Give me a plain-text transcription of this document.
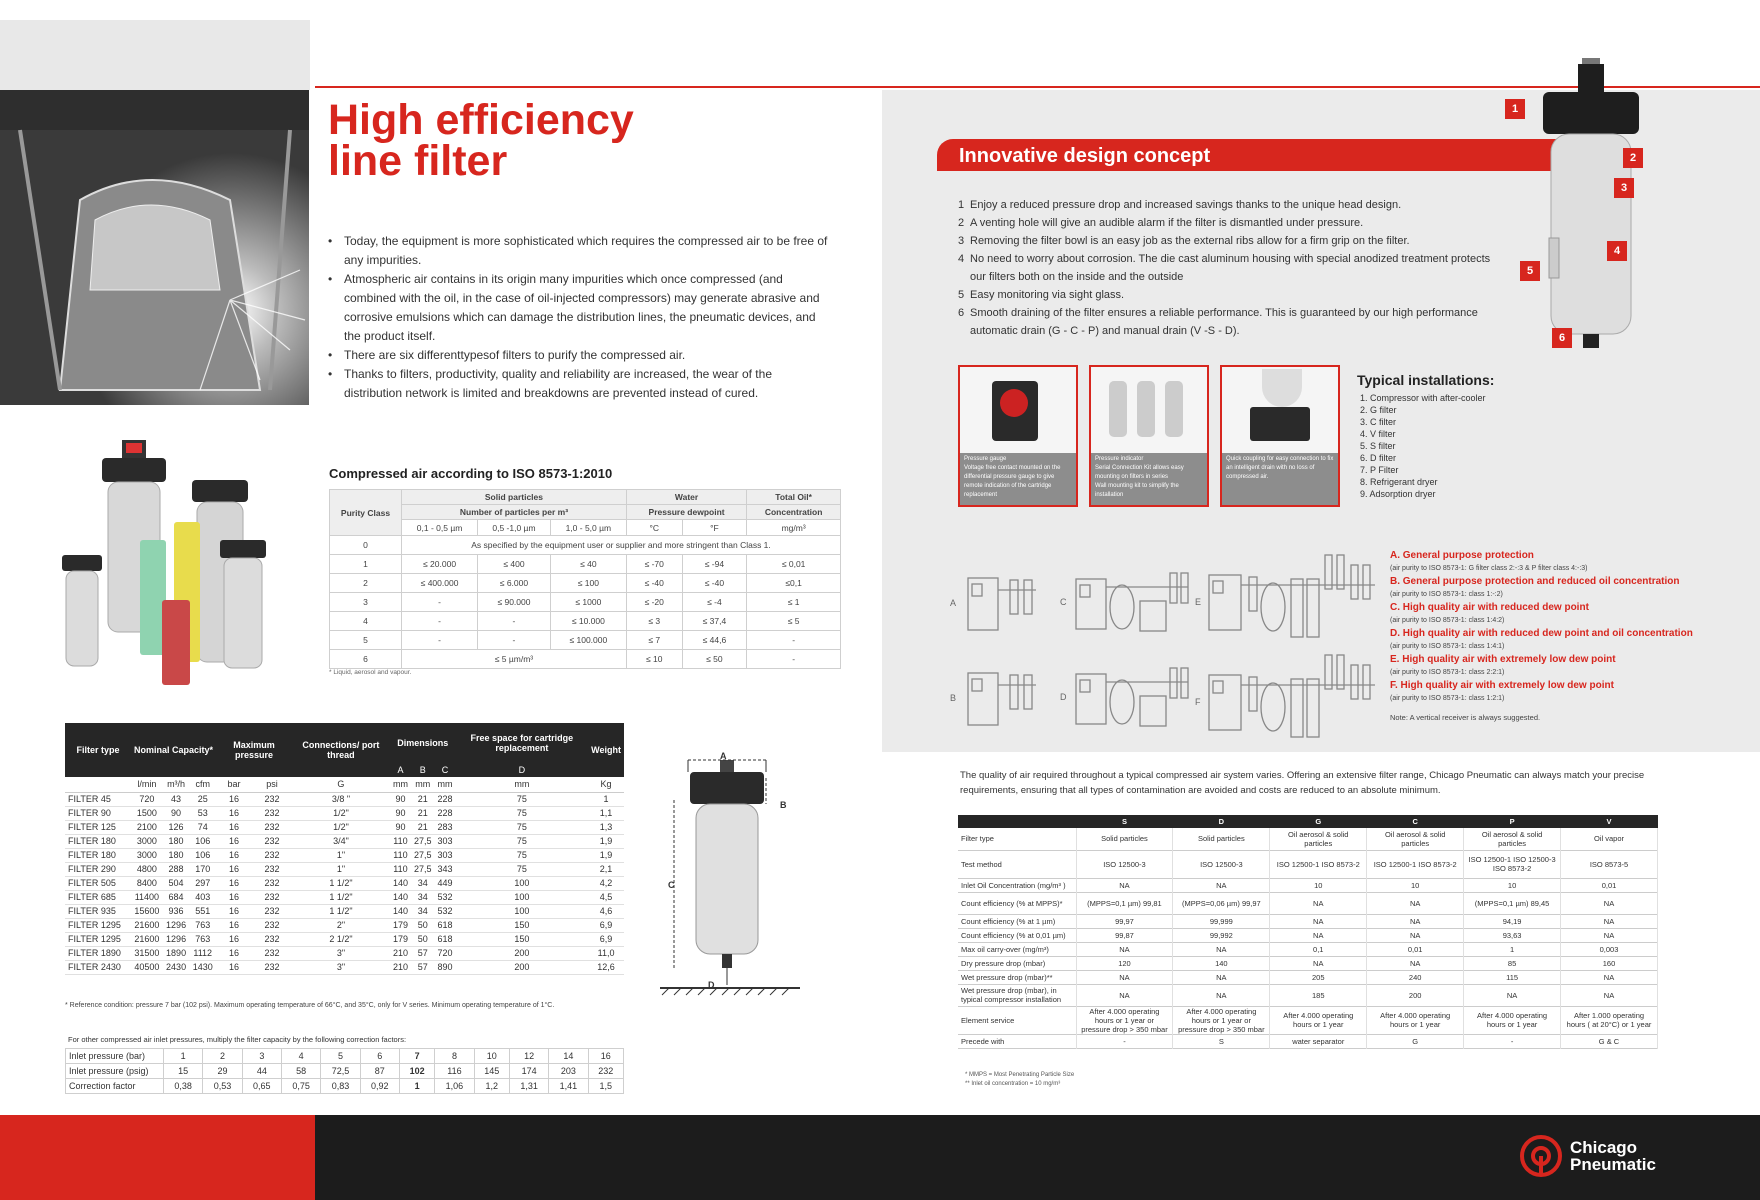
High efficiency
line filter
• Today, the equipment is more sophisticated which requires the compressed air to be free of any impurities.
• Atmospheric air contains in its origin many impurities which once compressed (and combined with the oil, in the case of oil-injected compressors) may generate abrasive and corrosive emulsions which can damage the distribution lines, the pneumatic devices, and the product itself.
• There are six differenttypesof filters to purify the compressed air.
• Thanks to filters, productivity, quality and reliability are increased, the wear of the distribution network is limited and breakdowns are prevented instead of cured.
Compressed air according to ISO 8573-1:2010
Purity Class	Solid particles			Water		Total Oil*
	Number of particles per m³			Pressure dewpoint		Concentration
	0,1 - 0,5 µm	0,5 -1,0 µm	1,0 - 5,0 µm	°C	°F	mg/m³
0	As specified by the equipment user or supplier and more stringent than Class 1.					
1	≤ 20.000	≤ 400	≤ 40	≤ -70	≤ -94	≤ 0,01
2	≤ 400.000	≤ 6.000	≤ 100	≤ -40	≤ -40	≤0,1
3	-	≤ 90.000	≤ 1000	≤ -20	≤ -4	≤ 1
4	-	-	≤ 10.000	≤ 3	≤ 37,4	≤ 5
5	-	-	≤ 100.000	≤ 7	≤ 44,6	-
6	≤ 5 µm/m³			≤ 10	≤ 50	-
* Liquid, aerosol and vapour.
Filter type	Nominal Capacity*			Maximum pressure		Connections/ port thread	Dimensions			Free space for cartridge replacement	Weight
							A	B	C	D	
	l/min	m³/h	cfm	bar	psi	G	mm	mm	mm	mm	Kg
FILTER 45	720	43	25	16	232	3/8 "	90	21	228	75	1
FILTER 90	1500	90	53	16	232	1/2"	90	21	228	75	1,1
FILTER 125	2100	126	74	16	232	1/2"	90	21	283	75	1,3
FILTER 180	3000	180	106	16	232	3/4"	110	27,5	303	75	1,9
FILTER 180	3000	180	106	16	232	1"	110	27,5	303	75	1,9
FILTER 290	4800	288	170	16	232	1"	110	27,5	343	75	2,1
FILTER 505	8400	504	297	16	232	1 1/2"	140	34	449	100	4,2
FILTER 685	11400	684	403	16	232	1 1/2"	140	34	532	100	4,5
FILTER 935	15600	936	551	16	232	1 1/2"	140	34	532	100	4,6
FILTER 1295	21600	1296	763	16	232	2"	179	50	618	150	6,9
FILTER 1295	21600	1296	763	16	232	2 1/2"	179	50	618	150	6,9
FILTER 1890	31500	1890	1112	16	232	3"	210	57	720	200	11,0
FILTER 2430	40500	2430	1430	16	232	3"	210	57	890	200	12,6
* Reference condition: pressure 7 bar (102 psi). Maximum operating temperature of 66°C, and 35°C, only for V series. Minimum operating temperature of 1°C.
For other compressed air inlet pressures, multiply the filter capacity by the following correction factors:
Inlet pressure (bar)	1	2	3	4	5	6	7	8	10	12	14	16
Inlet pressure (psig)	15	29	44	58	72,5	87	102	116	145	174	203	232
Correction factor	0,38	0,53	0,65	0,75	0,83	0,92	1	1,06	1,2	1,31	1,41	1,5
A
B
C
D
Innovative design concept
1
2
3
4
5
6
1 Enjoy a reduced pressure drop and increased savings thanks to the unique head design.
2 A venting hole will give an audible alarm if the filter is dismantled under pressure.
3 Removing the filter bowl is an easy job as the external ribs allow for a firm grip on the filter.
4 No need to worry about corrosion. The die cast aluminum housing with special anodized treatment protects our filters both on the inside and the outside
5 Easy monitoring via sight glass.
6 Smooth draining of the filter ensures a reliable performance. This is guaranteed by our high performance automatic drain (G - C - P) and manual drain (V -S - D).
Pressure gauge
Voltage free contact mounted on the differential pressure gauge to give remote indication of the cartridge replacement
Pressure indicator
Serial Connection Kit allows easy mounting on filters in series
Wall mounting kit to simplify the installation
Quick coupling for easy connection to fix an intelligent drain with no loss of compressed air.
Typical installations:
1. Compressor with after-cooler
2. G filter
3. C filter
4. V filter
5. S filter
6. D filter
7. P Filter
8. Refrigerant dryer
9. Adsorption dryer
A	C	E
B	D	F
A. General purpose protection
(air purity to ISO 8573-1: G filter class 2:-:3 & P filter class 4:-:3)
B. General purpose protection and reduced oil concentration
(air purity to ISO 8573-1: class 1:-:2)
C. High quality air with reduced dew point
(air purity to ISO 8573-1: class 1:4:2)
D. High quality air with reduced dew point and oil concentration
(air purity to ISO 8573-1: class 1:4:1)
E. High quality air with extremely low dew point
(air purity to ISO 8573-1: class 2:2:1)
F. High quality air with extremely low dew point
(air purity to ISO 8573-1: class 1:2:1)
Note: A vertical receiver is always suggested.
The quality of air required throughout a typical compressed air system varies. Offering an extensive filter range, Chicago Pneumatic can always match your precise requirements, ensuring that all types of contamination are avoided and costs are reduced to an absolute minimum.
	S	D	G	C	P	V
Filter type	Solid particles	Solid particles	Oil aerosol & solid particles	Oil aerosol & solid particles	Oil aerosol & solid particles	Oil vapor
Test method	ISO 12500-3	ISO 12500-3	ISO 12500-1 ISO 8573-2	ISO 12500-1 ISO 8573-2	ISO 12500-1 ISO 12500-3 ISO 8573-2	ISO 8573-5
Inlet Oil Concentration (mg/m³ )	NA	NA	10	10	10	0,01
Count efficiency (% at MPPS)*	(MPPS=0,1 µm) 99,81	(MPPS=0,06 µm) 99,97	NA	NA	(MPPS=0,1 µm) 89,45	NA
Count efficiency (% at 1 µm)	99,97	99,999	NA	NA	94,19	NA
Count efficiency (% at 0,01 µm)	99,87	99,992	NA	NA	93,63	NA
Max oil carry-over (mg/m³)	NA	NA	0,1	0,01	1	0,003
Dry pressure drop (mbar)	120	140	NA	NA	85	160
Wet pressure drop (mbar)**	NA	NA	205	240	115	NA
Wet pressure drop (mbar), in typical compressor installation	NA	NA	185	200	NA	NA
Element service	After 4.000 operating hours or 1 year or pressure drop > 350 mbar	After 4.000 operating hours or 1 year or pressure drop > 350 mbar	After 4.000 operating hours or 1 year	After 4.000 operating hours or 1 year	After 4.000 operating hours or 1 year	After 1.000 operating hours ( at 20°C) or 1 year
Precede with	-	S	water separator	G	-	G & C
* MMPS = Most Penetrating Particle Size
** Inlet oil concentration = 10 mg/m³
Chicago
Pneumatic
